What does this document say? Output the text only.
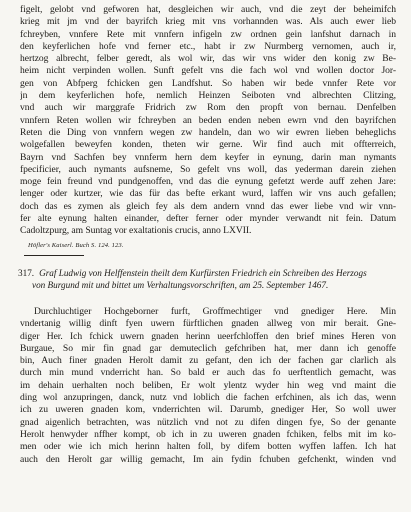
figelt, gelobt vnd gefworen hat, desgleichen wir auch, vnd die zeyt der beheimifch
krieg mit jm vnd der bayrifch krieg mit vns vorhannden was. Als auch ewer lieb
fchreyben, vnnfere Rete mit vnnfern infigeln zw ordnen gein lanfshut darnach in
den keyferlichen hofe vnd ferner etc., habt ir zw Nurmberg vernomen, auch ir,
hertzog albrecht, felber geredt, als wol wir, das wir vns wider den konig zw Be-
heim nicht verpinden wollen. Sunft gefelt vns die fach wol vnd wollen doctor Jor-
gen von Abfperg fchicken gen Landfshut. So haben wir bede vnnfer Rete vor
jn dem keyferlichen hofe, nemlich Heinzen Seiboten vnd albrechten Clitzing,
vnd auch wir marggrafe Fridrich zw Rom den propft von bernau. Denfelben
vnnfern Reten wollen wir fchreyben an beden enden neben ewrn vnd den bayrifchen
Reten die Ding von vnnfern wegen zw handeln, dan wo wir ewren lieben beheglichs
wolgefallen beweyfen konden, theten wir gerne. Wir find auch mit offterreich,
Bayrn vnd Sachfen bey vnnferm hern dem keyfer in eynung, darin man nymants
fpecificier, auch nymants aufsneme, So gefelt vns woll, das yederman darein ziehen
moge fein freund vnd pundgenoffen, vnd das die eynung gefetzt werde auff zehen Jare:
lenger oder kurtzer, wie das für das befte erkant wurd, laffen wir vns auch gefallen;
doch das es zymen als gleich fey als dem andern vnnd das ewer liebe vnd wir vnn-
fer alte eynung halten einander, defter ferner oder mynder verwandt nit fein. Datum
Cadoltzpurg, am Suntag vor exaltationis crucis, anno LXVII.
Höfler's Kaiserl. Buch S. 124. 123.
317. Graf Ludwig von Helffenstein theilt dem Kurfürsten Friedrich ein Schreiben des Herzogs
von Burgund mit und bittet um Verhaltungsvorschriften, am 25. September 1467.
Durchluchtiger Hochgeborner furft, Groffmechtiger vnd gnediger Here. Min
vndertanig willig dinft fyen uwern fürftlichen gnaden allweg von mir berait. Gne-
diger Her. Ich fchick uwern gnaden herinn ueerfchloffen den brief mines Heren von
Burgaue, So mir fin gnad gar demuteclich gefchriben hat, mer dann ich genoffe
bin, Auch finer gnaden Herolt damit zu gefant, den ich der fachen gar clarlich als
durch min mund vnderricht han. So bald er auch das fo uerftentlich gemacht, was
im dehain uerhalten noch beliben, Er wolt ylentz wyder hin weg vnd maint die
ding wol anzupringen, danck, nutz vnd loblich die fachen erfchinen, als ich das, wenn
ich zu uweren gnaden kom, vnderrichten wil. Darumb, gnediger Her, So woll uwer
gnad aigenlich betrachten, was nützlich vnd not zu difen dingen fye, So der genante
Herolt henwyder nffher kompt, ob ich in zu uweren gnaden fchiken, felbs mit im ko-
men oder wie ich mich herinn halten foll, by difem botten wyffen laffen. Ich hat
auch den Herolt gar willig gemacht, Im ain fydin fchuben gefchenkt, winden vnd
